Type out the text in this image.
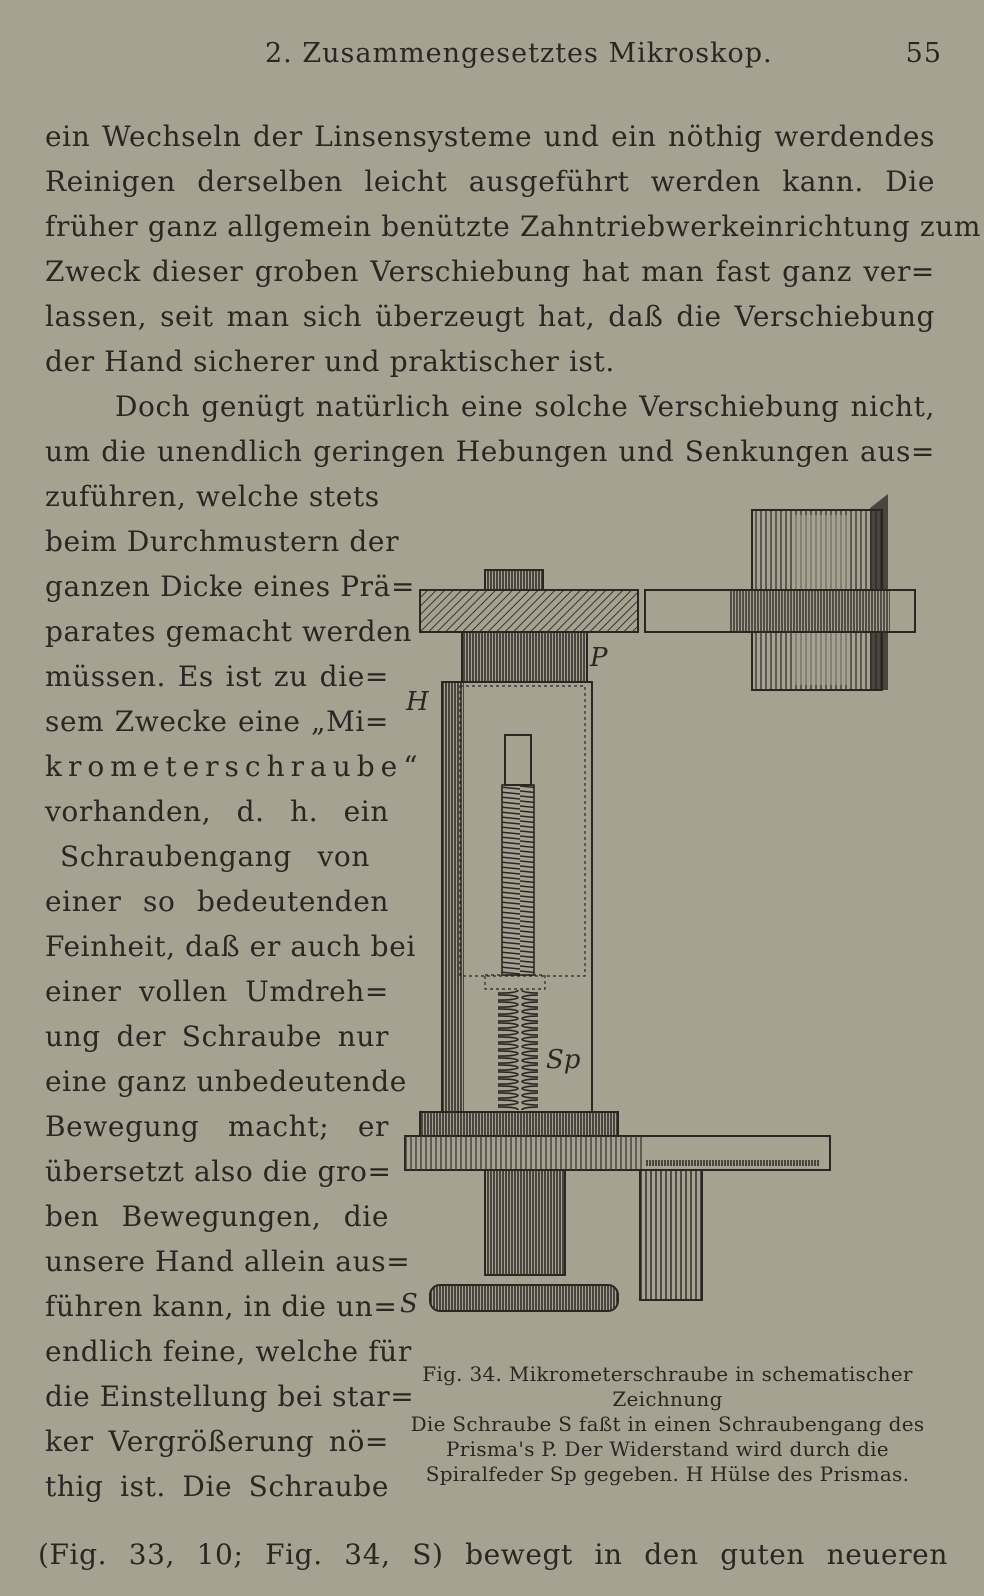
2. Zusammengesetztes Mikroskop.	55
ein Wechseln der Linsensysteme und ein nöthig werdendes
Reinigen derselben leicht ausgeführt werden kann. Die
früher ganz allgemein benützte Zahntriebwerkeinrichtung zum
Zweck dieser groben Verschiebung hat man fast ganz ver=
lassen, seit man sich überzeugt hat, daß die Verschiebung
der Hand sicherer und praktischer ist.
Doch genügt natürlich eine solche Verschiebung nicht,
um die unendlich geringen Hebungen und Senkungen aus=
zuführen, welche stets
beim Durchmustern der
ganzen Dicke eines Prä=
parates gemacht werden
müssen. Es ist zu die=
sem Zwecke eine „Mi=
krometerschraube“
vorhanden, d. h. ein
Schraubengang von
einer so bedeutenden
Feinheit, daß er auch bei
einer vollen Umdreh=
ung der Schraube nur
eine ganz unbedeutende
Bewegung macht; er
übersetzt also die gro=
ben Bewegungen, die
unsere Hand allein aus=
führen kann, in die un=
endlich feine, welche für
die Einstellung bei star=
ker Vergrößerung nö=
thig ist. Die Schraube
P
H
Sp
S
Fig. 34. Mikrometerschraube in schematischer Zeichnung
Die Schraube S faßt in einen Schraubengang des Prisma's P. Der Widerstand wird durch die Spiralfeder Sp gegeben. H Hülse des Prismas.
(Fig. 33, 10; Fig. 34, S) bewegt in den guten neueren
